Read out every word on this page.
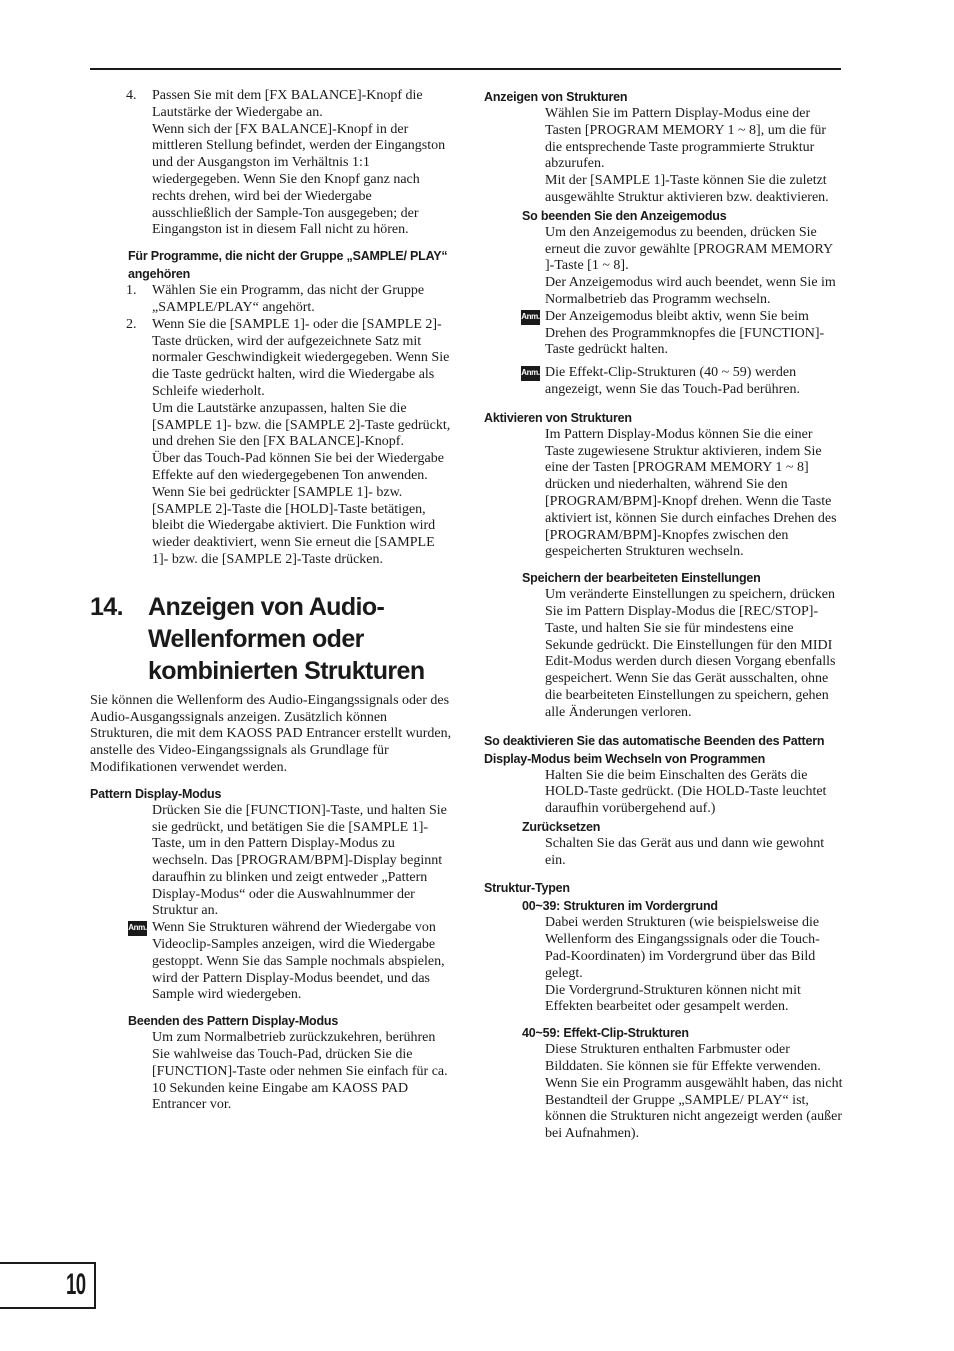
4. Passen Sie mit dem [FX BALANCE]-Knopf die Lautstärke der Wiedergabe an.

Wenn sich der [FX BALANCE]-Knopf in der mittleren Stellung befindet, werden der Eingangston und der Ausgangston im Verhältnis 1:1 wiedergegeben. Wenn Sie den Knopf ganz nach rechts drehen, wird bei der Wiedergabe ausschließlich der Sample-Ton ausgegeben; der Eingangston ist in diesem Fall nicht zu hören.

Für Programme, die nicht der Gruppe „SAMPLE/ PLAY“ angehören
1. Wählen Sie ein Programm, das nicht der Gruppe „SAMPLE/PLAY“ angehört.

2. Wenn Sie die [SAMPLE 1]- oder die [SAMPLE 2]-Taste drücken, wird der aufgezeichnete Satz mit normaler Geschwindigkeit wiedergegeben. Wenn Sie die Taste gedrückt halten, wird die Wiedergabe als Schleife wiederholt.

Um die Lautstärke anzupassen, halten Sie die [SAMPLE 1]- bzw. die [SAMPLE 2]-Taste gedrückt, und drehen Sie den [FX BALANCE]-Knopf.

Über das Touch-Pad können Sie bei der Wiedergabe Effekte auf den wiedergegebenen Ton anwenden.

Wenn Sie bei gedrückter [SAMPLE 1]- bzw. [SAMPLE 2]-Taste die [HOLD]-Taste betätigen, bleibt die Wiedergabe aktiviert. Die Funktion wird wieder deaktiviert, wenn Sie erneut die [SAMPLE 1]- bzw. die [SAMPLE 2]-Taste drücken.

14. Anzeigen von Audio-Wellenformen oder kombinierten Strukturen

Sie können die Wellenform des Audio-Eingangssignals oder des Audio-Ausgangssignals anzeigen. Zusätzlich können Strukturen, die mit dem KAOSS PAD Entrancer erstellt wurden, anstelle des Video-Eingangssignals als Grundlage für Modifikationen verwendet werden.

Pattern Display-Modus

Drücken Sie die [FUNCTION]-Taste, und halten Sie sie gedrückt, und betätigen Sie die [SAMPLE 1]-Taste, um in den Pattern Display-Modus zu wechseln. Das [PROGRAM/BPM]-Display beginnt daraufhin zu blinken und zeigt entweder „Pattern Display-Modus“ oder die Auswahlnummer der Struktur an.

Anm. Wenn Sie Strukturen während der Wiedergabe von Videoclip-Samples anzeigen, wird die Wiedergabe gestoppt. Wenn Sie das Sample nochmals abspielen, wird der Pattern Display-Modus beendet, und das Sample wird wiedergeben.

Beenden des Pattern Display-Modus

Um zum Normalbetrieb zurückzukehren, berühren Sie wahlweise das Touch-Pad, drücken Sie die [FUNCTION]-Taste oder nehmen Sie einfach für ca. 10 Sekunden keine Eingabe am KAOSS PAD Entrancer vor.

Anzeigen von Strukturen

Wählen Sie im Pattern Display-Modus eine der Tasten [PROGRAM MEMORY 1 ~ 8], um die für die entsprechende Taste programmierte Struktur abzurufen.

Mit der [SAMPLE 1]-Taste können Sie die zuletzt ausgewählte Struktur aktivieren bzw. deaktivieren.

So beenden Sie den Anzeigemodus

Um den Anzeigemodus zu beenden, drücken Sie erneut die zuvor gewählte [PROGRAM MEMORY ]-Taste [1 ~ 8].

Der Anzeigemodus wird auch beendet, wenn Sie im Normalbetrieb das Programm wechseln.

Anm. Der Anzeigemodus bleibt aktiv, wenn Sie beim Drehen des Programmknopfes die [FUNCTION]-Taste gedrückt halten.

Anm. Die Effekt-Clip-Strukturen (40 ~ 59) werden angezeigt, wenn Sie das Touch-Pad berühren.

Aktivieren von Strukturen

Im Pattern Display-Modus können Sie die einer Taste zugewiesene Struktur aktivieren, indem Sie eine der Tasten [PROGRAM MEMORY 1 ~ 8] drücken und niederhalten, während Sie den [PROGRAM/BPM]-Knopf drehen. Wenn die Taste aktiviert ist, können Sie durch einfaches Drehen des [PROGRAM/BPM]-Knopfes zwischen den gespeicherten Strukturen wechseln.

Speichern der bearbeiteten Einstellungen

Um veränderte Einstellungen zu speichern, drücken Sie im Pattern Display-Modus die [REC/STOP]-Taste, und halten Sie sie für mindestens eine Sekunde gedrückt. Die Einstellungen für den MIDI Edit-Modus werden durch diesen Vorgang ebenfalls gespeichert. Wenn Sie das Gerät ausschalten, ohne die bearbeiteten Einstellungen zu speichern, gehen alle Änderungen verloren.

So deaktivieren Sie das automatische Beenden des Pattern Display-Modus beim Wechseln von Programmen

Halten Sie die beim Einschalten des Geräts die HOLD-Taste gedrückt. (Die HOLD-Taste leuchtet daraufhin vorübergehend auf.)

Zurücksetzen

Schalten Sie das Gerät aus und dann wie gewohnt ein.

Struktur-Typen
00~39: Strukturen im Vordergrund

Dabei werden Strukturen (wie beispielsweise die Wellenform des Eingangssignals oder die Touch-Pad-Koordinaten) im Vordergrund über das Bild gelegt.

Die Vordergrund-Strukturen können nicht mit Effekten bearbeitet oder gesampelt werden.

40~59: Effekt-Clip-Strukturen

Diese Strukturen enthalten Farbmuster oder Bilddaten. Sie können sie für Effekte verwenden.

Wenn Sie ein Programm ausgewählt haben, das nicht Bestandteil der Gruppe „SAMPLE/ PLAY“ ist, können die Strukturen nicht angezeigt werden (außer bei Aufnahmen).

10
